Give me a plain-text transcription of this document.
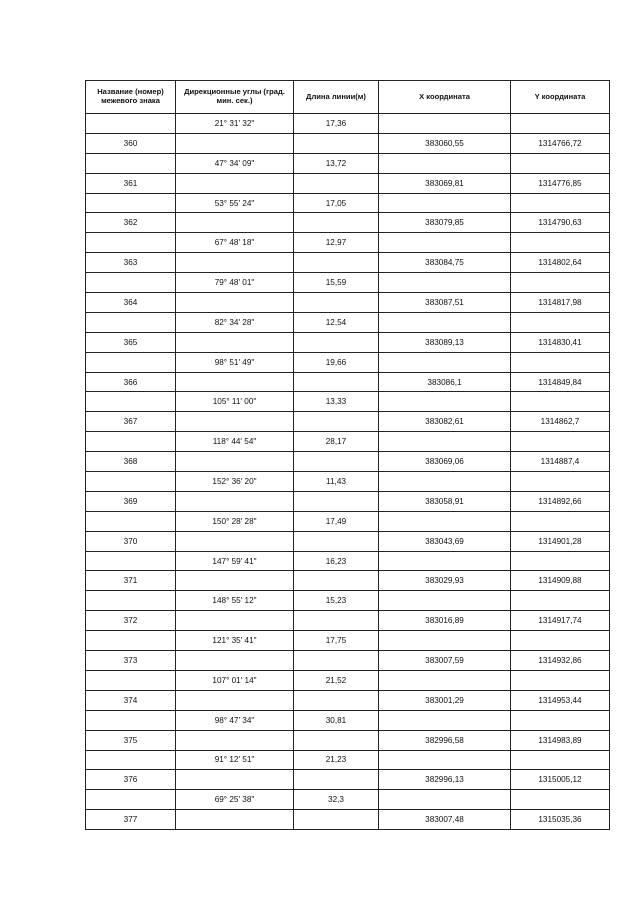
Название (номер) межевого знака	Дирекционные углы (град. мин. сек.)	Длина линии(м)	X координата	Y координата
	21° 31' 32"	17,36		
360			383060,55	1314766,72
	47° 34' 09"	13,72		
361			383069,81	1314776,85
	53° 55' 24"	17,05		
362			383079,85	1314790,63
	67° 48' 18"	12,97		
363			383084,75	1314802,64
	79° 48' 01"	15,59		
364			383087,51	1314817,98
	82° 34' 28"	12,54		
365			383089,13	1314830,41
	98° 51' 49"	19,66		
366			383086,1	1314849,84
	105° 11' 00"	13,33		
367			383082,61	1314862,7
	118° 44' 54"	28,17		
368			383069,06	1314887,4
	152° 36' 20"	11,43		
369			383058,91	1314892,66
	150° 28' 28"	17,49		
370			383043,69	1314901,28
	147° 59' 41"	16,23		
371			383029,93	1314909,88
	148° 55' 12"	15,23		
372			383016,89	1314917,74
	121° 35' 41"	17,75		
373			383007,59	1314932,86
	107° 01' 14"	21,52		
374			383001,29	1314953,44
	98° 47' 34"	30,81		
375			382996,58	1314983,89
	91° 12' 51"	21,23		
376			382996,13	1315005,12
	69° 25' 38"	32,3		
377			383007,48	1315035,36
